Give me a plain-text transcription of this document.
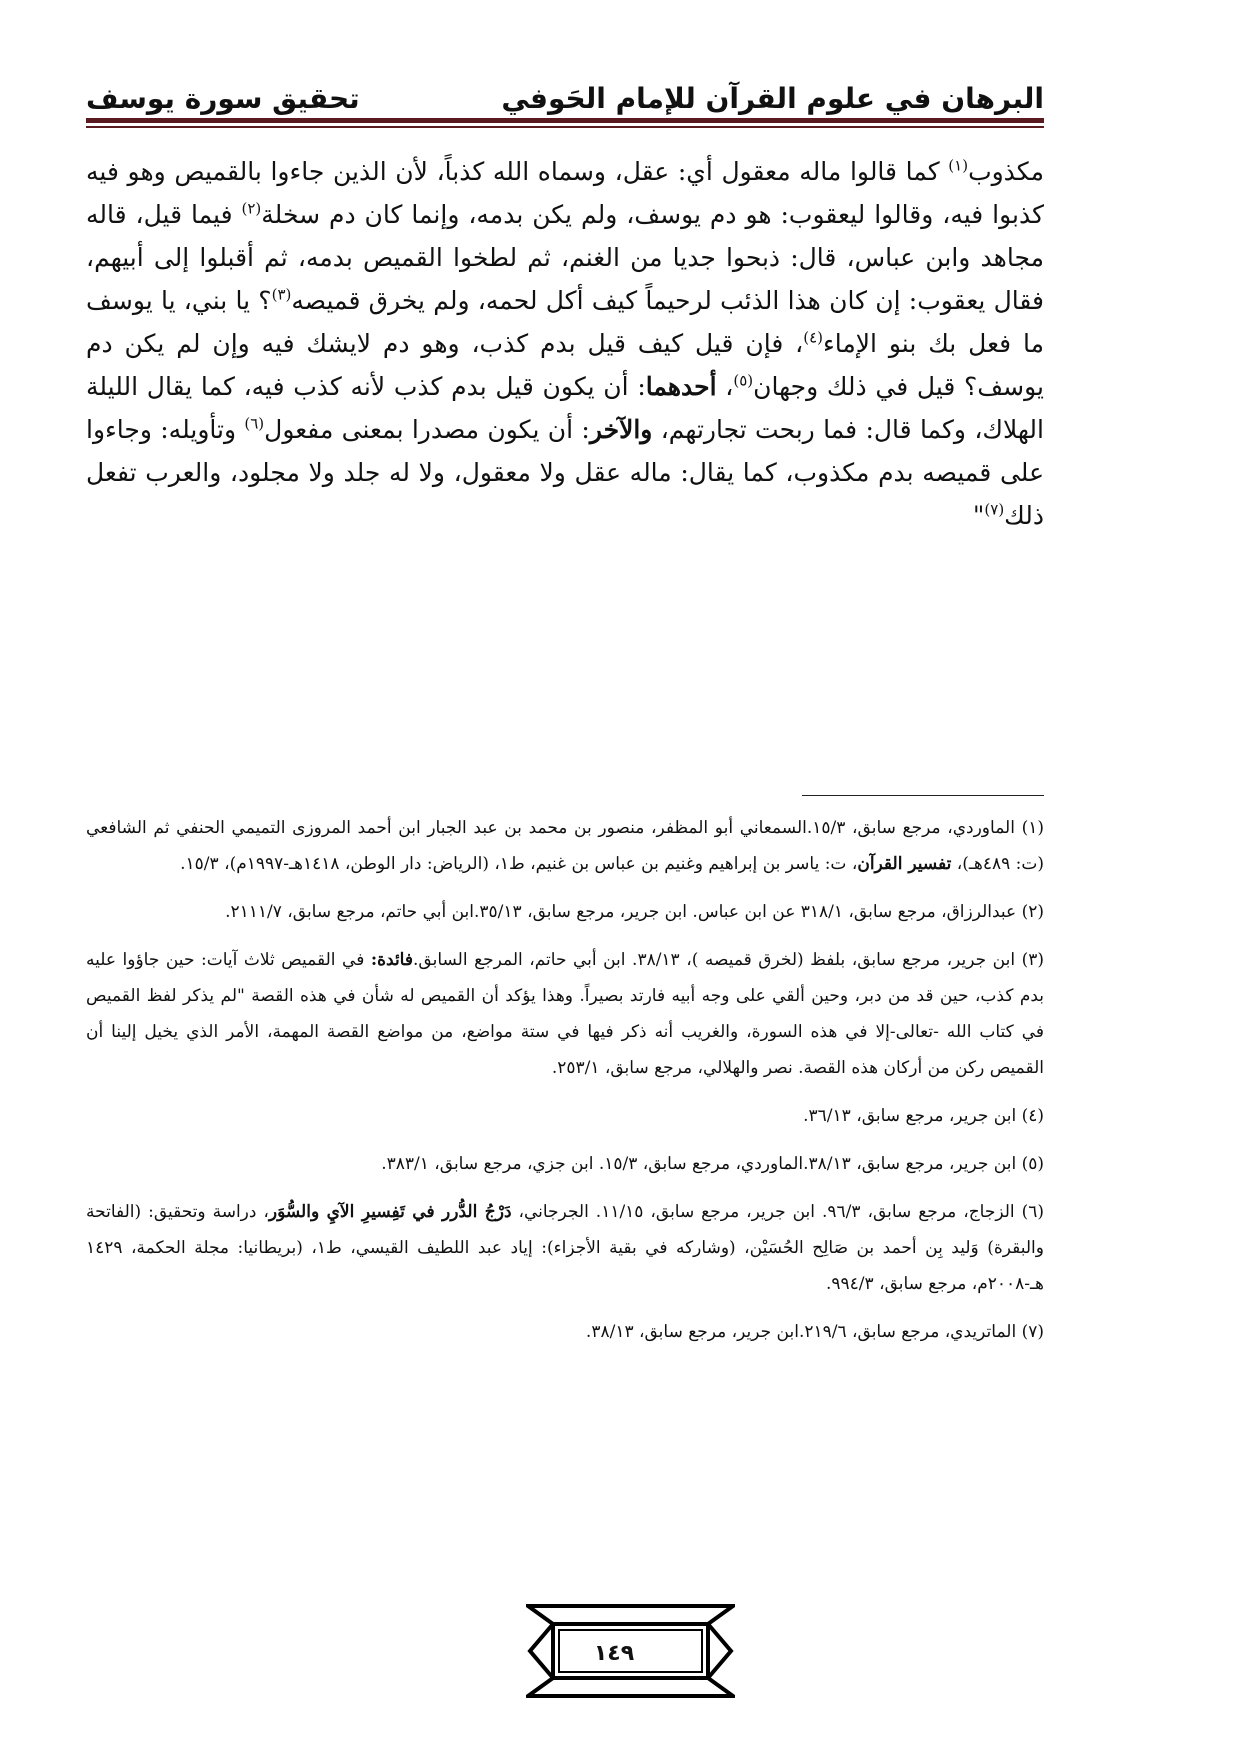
البرهان في علوم القرآن للإمام الحَوفي
تحقيق سورة يوسف

مكذوب$^{(١)}$ كما قالوا ماله معقول أي: عقل، وسماه الله كذباً، لأن الذين جاءوا بالقميص وهو فيه كذبوا فيه، وقالوا ليعقوب: هو دم يوسف، ولم يكن بدمه، وإنما كان دم سخلة$^{(٢)}$ فيما قيل، قاله مجاهد وابن عباس، قال: ذبحوا جديا من الغنم، ثم لطخوا القميص بدمه، ثم أقبلوا إلى أبيهم، فقال يعقوب: إن كان هذا الذئب لرحيماً كيف أكل لحمه، ولم يخرق قميصه$^{(٣)}$؟ يا بني، يا يوسف ما فعل بك بنو الإماء$^{(٤)}$، فإن قيل كيف قيل بدم كذب، وهو دم لايشك فيه وإن لم يكن دم يوسف؟ قيل في ذلك وجهان$^{(٥)}$، أحدهما: أن يكون قيل بدم كذب لأنه كذب فيه، كما يقال الليلة الهلاك، وكما قال: فما ربحت تجارتهم، والآخر: أن يكون مصدرا بمعنى مفعول$^{(٦)}$ وتأويله: وجاءوا على قميصه بدم مكذوب، كما يقال: ماله عقل ولا معقول، ولا له جلد ولا مجلود، والعرب تفعل ذلك$^{(٧)}$"

(١) الماوردي، مرجع سابق، ١٥/٣.السمعاني أبو المظفر، منصور بن محمد بن عبد الجبار ابن أحمد المروزى التميمي الحنفي ثم الشافعي (ت: ٤٨٩هـ)، تفسير القرآن، ت: ياسر بن إبراهيم وغنيم بن عباس بن غنيم، ط١، (الرياض: دار الوطن، ١٤١٨هـ-١٩٩٧م)، ١٥/٣.

(٢) عبدالرزاق، مرجع سابق، ٣١٨/١ عن ابن عباس. ابن جرير، مرجع سابق، ٣٥/١٣.ابن أبي حاتم، مرجع سابق، ٢١١١/٧.

(٣) ابن جرير، مرجع سابق، بلفظ (لخرق قميصه )، ٣٨/١٣. ابن أبي حاتم، المرجع السابق.فائدة: في القميص ثلاث آيات: حين جاؤوا عليه بدم كذب، حين قد من دبر، وحين ألقي على وجه أبيه فارتد بصيراً. وهذا يؤكد أن القميص له شأن في هذه القصة "لم يذكر لفظ القميص في كتاب الله -تعالى-إلا في هذه السورة، والغريب أنه ذكر فيها في ستة مواضع، من مواضع القصة المهمة، الأمر الذي يخيل إلينا أن القميص ركن من أركان هذه القصة. نصر والهلالي، مرجع سابق، ٢٥٣/١.

(٤) ابن جرير، مرجع سابق، ٣٦/١٣.

(٥) ابن جرير، مرجع سابق، ٣٨/١٣.الماوردي، مرجع سابق، ١٥/٣. ابن جزي، مرجع سابق، ٣٨٣/١.

(٦) الزجاج، مرجع سابق، ٩٦/٣. ابن جرير، مرجع سابق، ١١/١٥. الجرجاني، دَرْجُ الدُّرر في تَفِسيرِ الآيِ والسُّوَر، دراسة وتحقيق: (الفاتحة والبقرة) وَليد بِن أحمد بن صَالِح الحُسَيْن، (وشاركه في بقية الأجزاء): إياد عبد اللطيف القيسي، ط١، (بريطانيا: مجلة الحكمة، ١٤٢٩ هـ-٢٠٠٨م، مرجع سابق، ٩٩٤/٣.

(٧) الماتريدي، مرجع سابق، ٢١٩/٦.ابن جرير، مرجع سابق، ٣٨/١٣.

١٤٩
